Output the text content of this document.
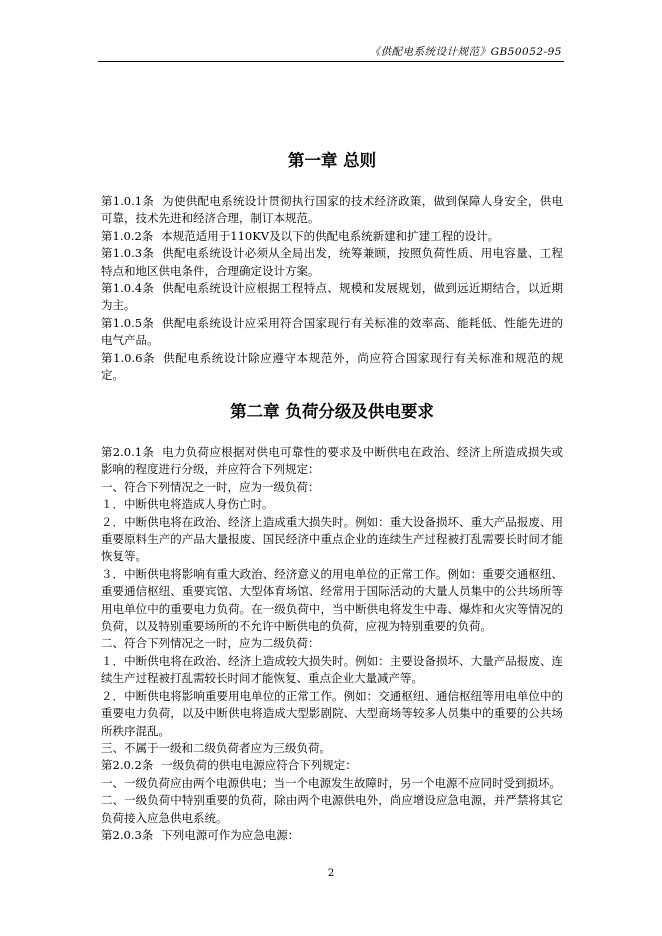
《供配电系统设计规范》GB50052-95
第一章 总则

第1.0.1条 为使供配电系统设计贯彻执行国家的技术经济政策，做到保障人身安全，供电可靠，技术先进和经济合理，制订本规范。

第1.0.2条 本规范适用于110KV及以下的供配电系统新建和扩建工程的设计。

第1.0.3条 供配电系统设计必须从全局出发，统筹兼顾，按照负荷性质、用电容量、工程特点和地区供电条件，合理确定设计方案。

第1.0.4条 供配电系统设计应根据工程特点、规模和发展规划，做到远近期结合，以近期为主。

第1.0.5条 供配电系统设计应采用符合国家现行有关标准的效率高、能耗低、性能先进的电气产品。

第1.0.6条 供配电系统设计除应遵守本规范外，尚应符合国家现行有关标准和规范的规定。

第二章 负荷分级及供电要求

第2.0.1条 电力负荷应根据对供电可靠性的要求及中断供电在政治、经济上所造成损失或影响的程度进行分级，并应符合下列规定：

一、符合下列情况之一时，应为一级负荷：

１．中断供电将造成人身伤亡时。

２．中断供电将在政治、经济上造成重大损失时。例如：重大设备损坏、重大产品报废、用重要原料生产的产品大量报废、国民经济中重点企业的连续生产过程被打乱需要长时间才能恢复等。

３．中断供电将影响有重大政治、经济意义的用电单位的正常工作。例如：重要交通枢纽、重要通信枢纽、重要宾馆、大型体育场馆、经常用于国际活动的大量人员集中的公共场所等用电单位中的重要电力负荷。在一级负荷中，当中断供电将发生中毒、爆炸和火灾等情况的负荷，以及特别重要场所的不允许中断供电的负荷，应视为特别重要的负荷。

二、符合下列情况之一时，应为二级负荷：

１．中断供电将在政治、经济上造成较大损失时。例如：主要设备损坏、大量产品报废、连续生产过程被打乱需较长时间才能恢复、重点企业大量减产等。

２．中断供电将影响重要用电单位的正常工作。例如：交通枢纽、通信枢纽等用电单位中的重要电力负荷，以及中断供电将造成大型影剧院、大型商场等较多人员集中的重要的公共场所秩序混乱。

三、不属于一级和二级负荷者应为三级负荷。

第2.0.2条 一级负荷的供电电源应符合下列规定：

一、一级负荷应由两个电源供电；当一个电源发生故障时，另一个电源不应同时受到损坏。

二、一级负荷中特别重要的负荷，除由两个电源供电外，尚应增设应急电源，并严禁将其它负荷接入应急供电系统。

第2.0.3条 下列电源可作为应急电源：

2
